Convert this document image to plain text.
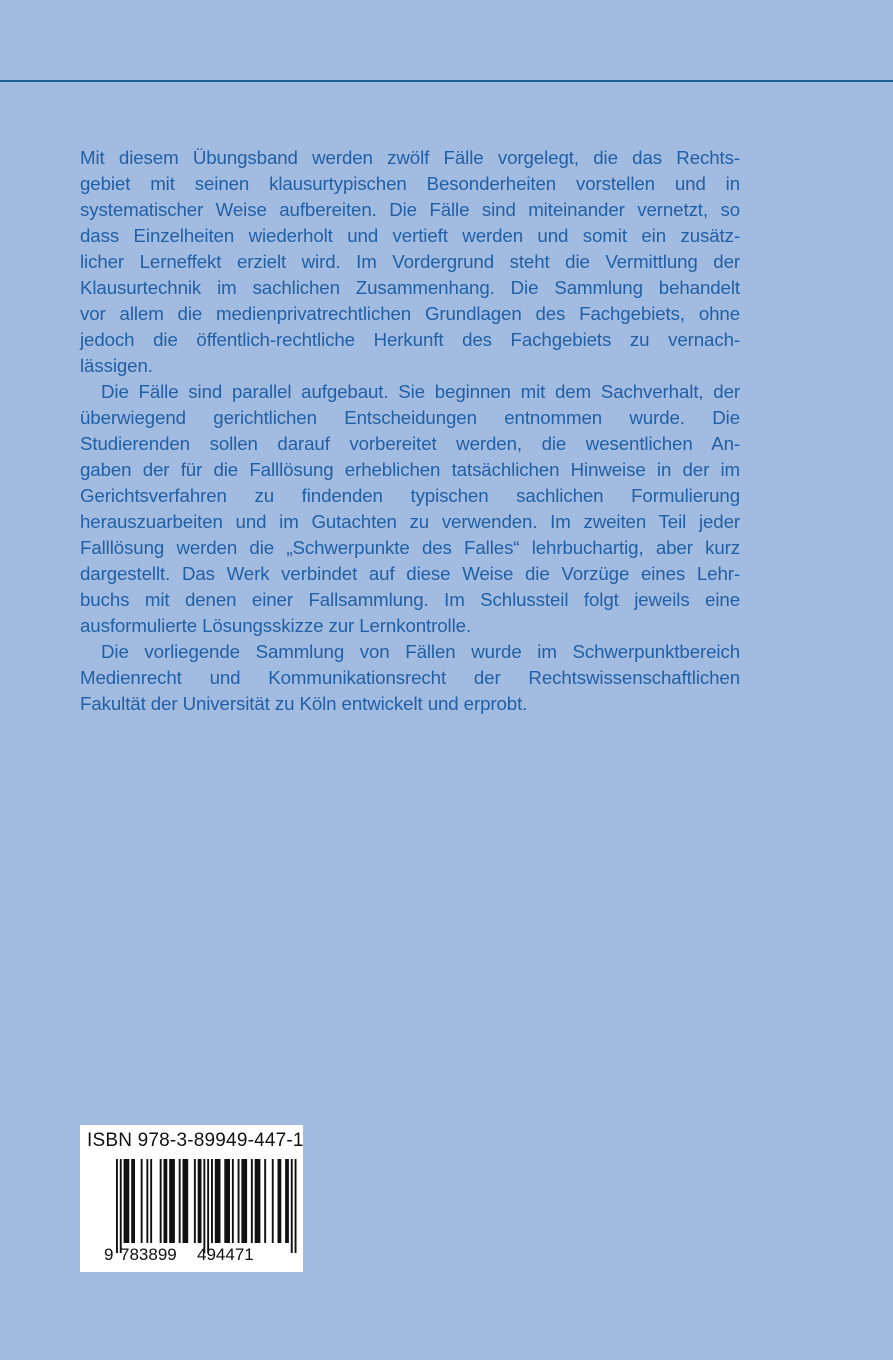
Mit diesem Übungsband werden zwölf Fälle vorgelegt, die das Rechts-
gebiet mit seinen klausurtypischen Besonderheiten vorstellen und in
systematischer Weise aufbereiten. Die Fälle sind miteinander vernetzt, so
dass Einzelheiten wiederholt und vertieft werden und somit ein zusätz-
licher Lerneffekt erzielt wird. Im Vordergrund steht die Vermittlung der
Klausurtechnik im sachlichen Zusammenhang. Die Sammlung behandelt
vor allem die medienprivatrechtlichen Grundlagen des Fachgebiets, ohne
jedoch die öffentlich-rechtliche Herkunft des Fachgebiets zu vernach-
lässigen.
Die Fälle sind parallel aufgebaut. Sie beginnen mit dem Sachverhalt, der
überwiegend gerichtlichen Entscheidungen entnommen wurde. Die
Studierenden sollen darauf vorbereitet werden, die wesentlichen An-
gaben der für die Falllösung erheblichen tatsächlichen Hinweise in der im
Gerichtsverfahren zu findenden typischen sachlichen Formulierung
herauszuarbeiten und im Gutachten zu verwenden. Im zweiten Teil jeder
Falllösung werden die „Schwerpunkte des Falles“ lehrbuchartig, aber kurz
dargestellt. Das Werk verbindet auf diese Weise die Vorzüge eines Lehr-
buchs mit denen einer Fallsammlung. Im Schlussteil folgt jeweils eine
ausformulierte Lösungsskizze zur Lernkontrolle.
Die vorliegende Sammlung von Fällen wurde im Schwerpunktbereich
Medienrecht und Kommunikationsrecht der Rechtswissenschaftlichen
Fakultät der Universität zu Köln entwickelt und erprobt.
ISBN 978-3-89949-447-1
9 783899 494471
